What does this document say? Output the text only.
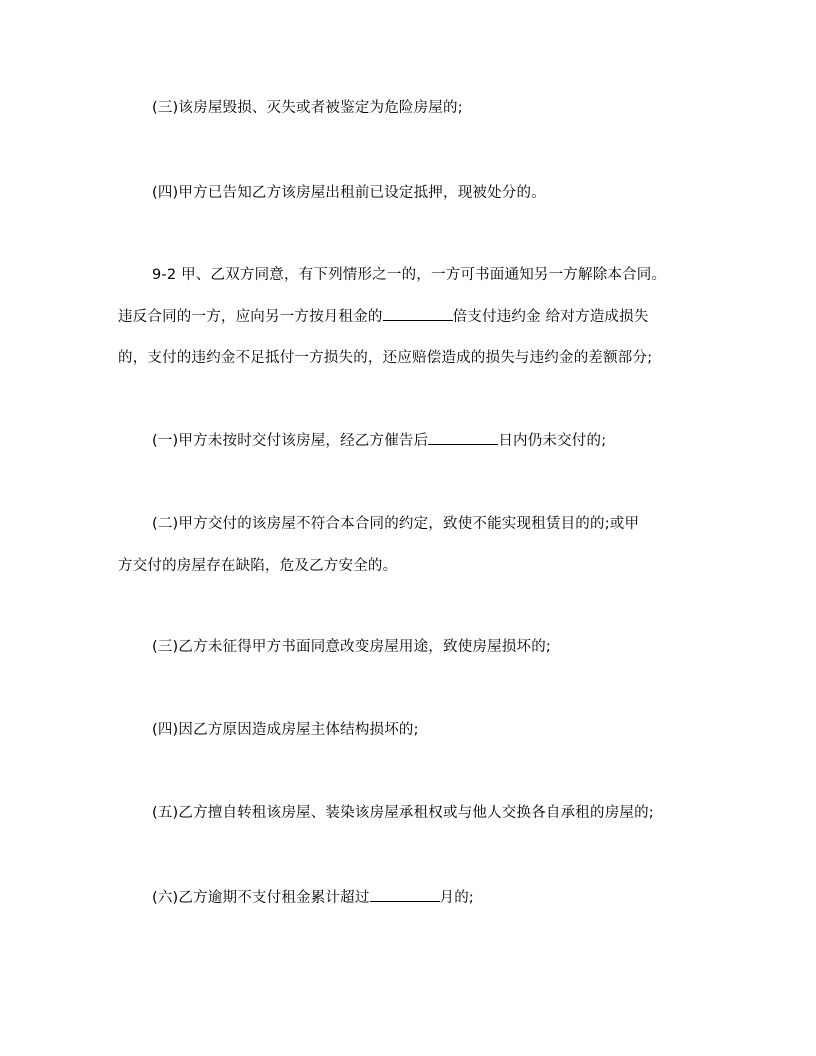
(三)该房屋毁损、灭失或者被鉴定为危险房屋的;
(四)甲方已告知乙方该房屋出租前已设定抵押，现被处分的。
9-2 甲、乙双方同意，有下列情形之一的，一方可书面通知另一方解除本合同。
违反合同的一方，应向另一方按月租金的	倍支付违约金 给对方造成损失
的，支付的违约金不足抵付一方损失的，还应赔偿造成的损失与违约金的差额部分;
(一)甲方未按时交付该房屋，经乙方催告后	日内仍未交付的;
(二)甲方交付的该房屋不符合本合同的约定，致使不能实现租赁目的的;或甲
方交付的房屋存在缺陷，危及乙方安全的。
(三)乙方未征得甲方书面同意改变房屋用途，致使房屋损坏的;
(四)因乙方原因造成房屋主体结构损坏的;
(五)乙方擅自转租该房屋、装染该房屋承租权或与他人交换各自承租的房屋的;
(六)乙方逾期不支付租金累计超过	月的;
